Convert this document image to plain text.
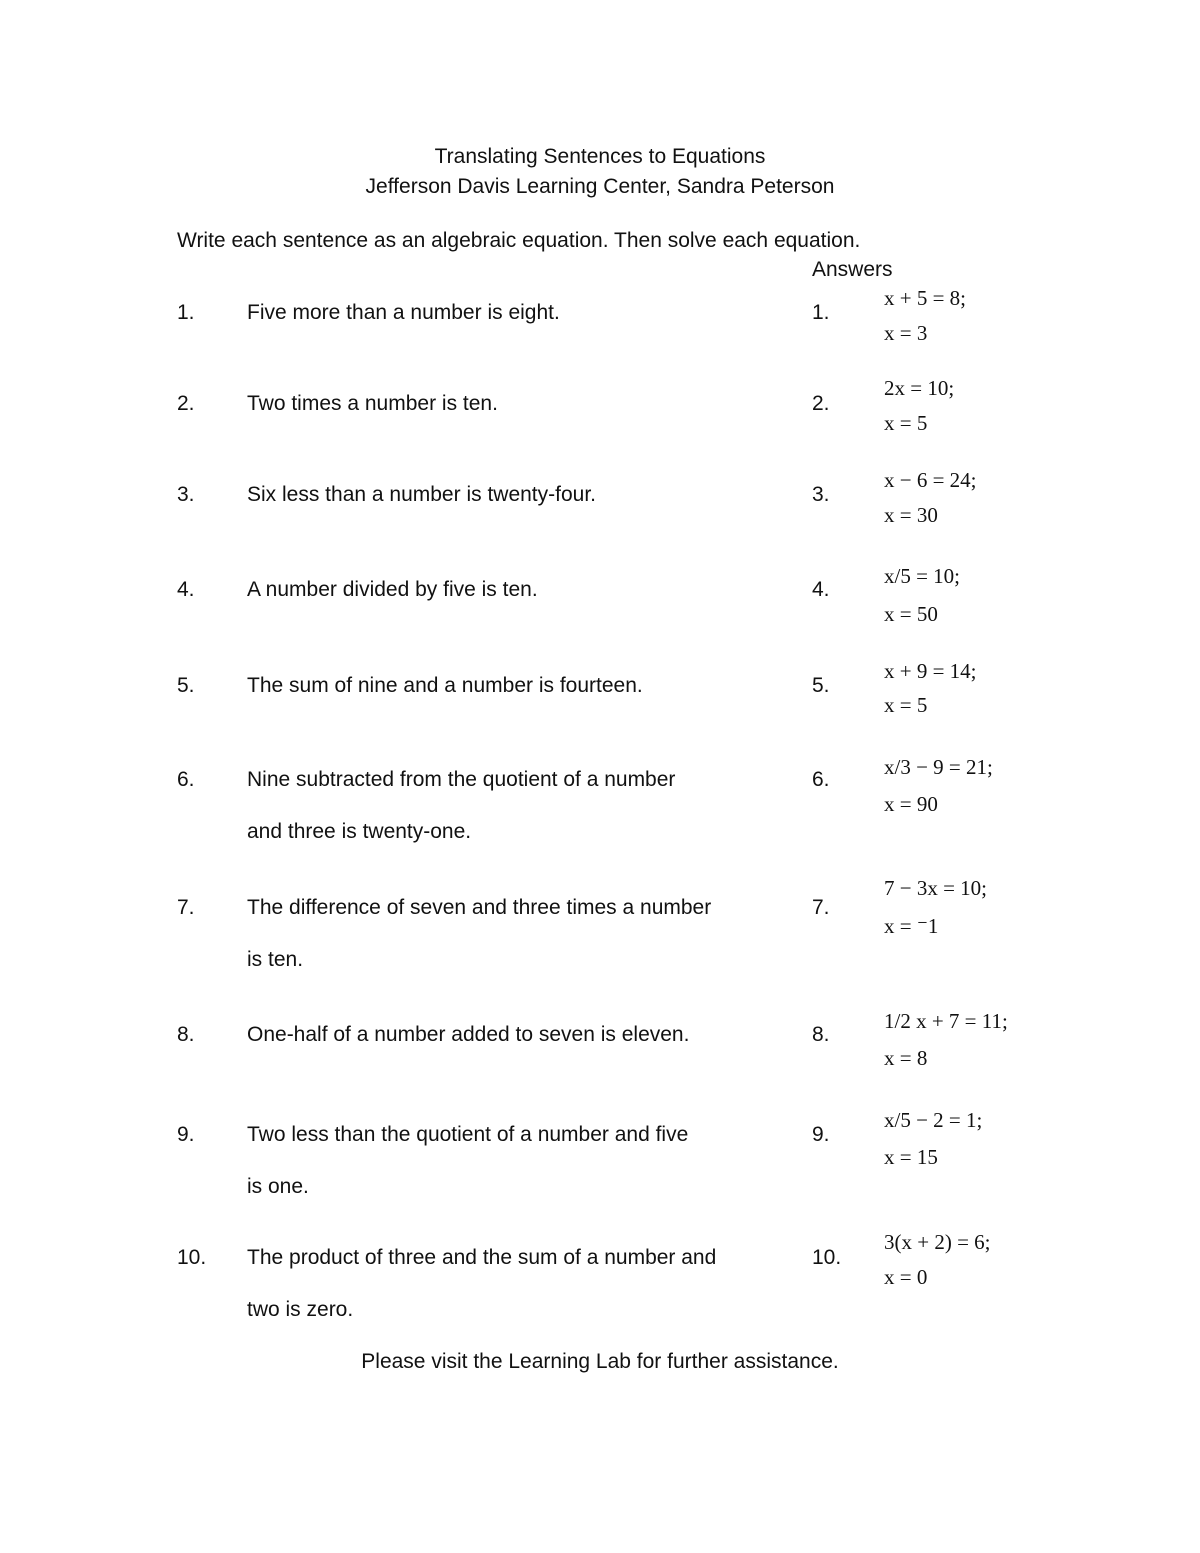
Translating Sentences to Equations
Jefferson Davis Learning Center, Sandra Peterson
Write each sentence as an algebraic equation. Then solve each equation.
Answers
1. Five more than a number is eight.	1.
x + 5 = 8;
x = 3
2. Two times a number is ten.	2.
2x = 10;
x = 5
3. Six less than a number is twenty-four.	3.
x − 6 = 24;
x = 30
4. A number divided by five is ten.	4.
x/5 = 10;
x = 50
5. The sum of nine and a number is fourteen.	5.
x + 9 = 14;
x = 5
6. Nine subtracted from the quotient of a number
and three is twenty-one.
6.
x/3 − 9 = 21;
x = 90
7. The difference of seven and three times a number
is ten.
7.
7 − 3x = 10;
x = ⁻1
8. One-half of a number added to seven is eleven.	8.
1/2 x + 7 = 11;
x = 8
9. Two less than the quotient of a number and five
is one.
9.
x/5 − 2 = 1;
x = 15
10. The product of three and the sum of a number and
two is zero.
10.
3(x + 2) = 6;
x = 0
Please visit the Learning Lab for further assistance.
